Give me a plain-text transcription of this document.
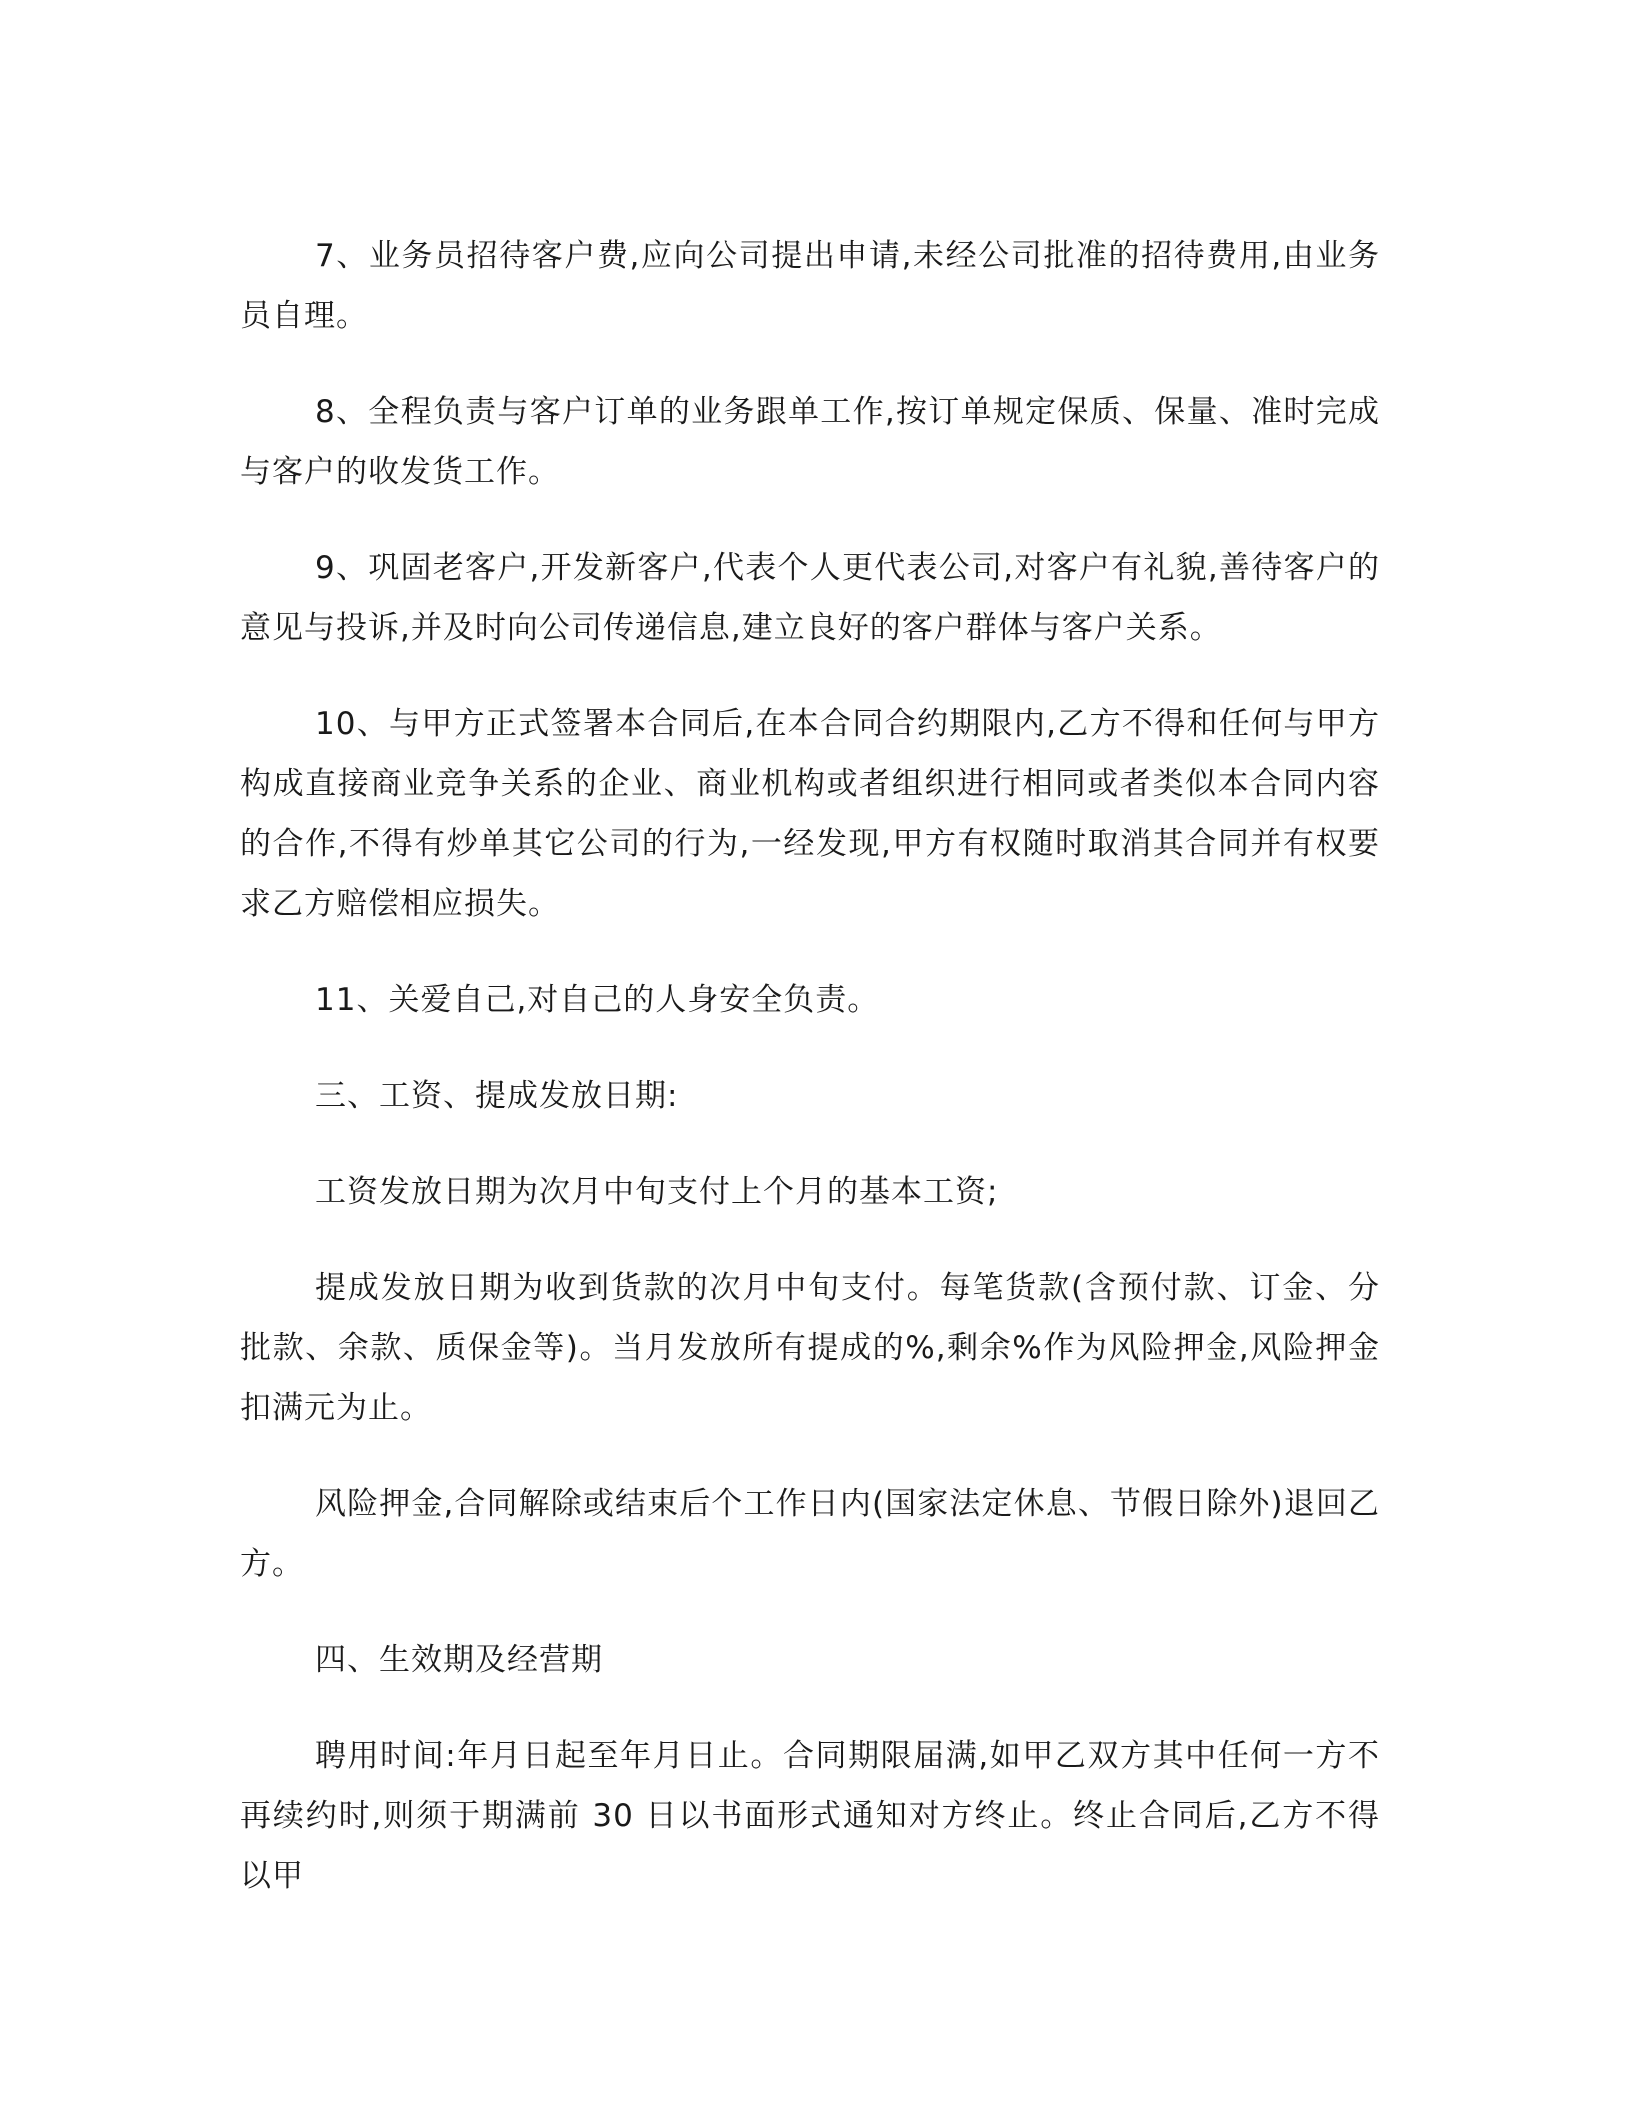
7、业务员招待客户费,应向公司提出申请,未经公司批准的招待费用,由业务员自理。

8、全程负责与客户订单的业务跟单工作,按订单规定保质、保量、准时完成与客户的收发货工作。

9、巩固老客户,开发新客户,代表个人更代表公司,对客户有礼貌,善待客户的意见与投诉,并及时向公司传递信息,建立良好的客户群体与客户关系。

10、与甲方正式签署本合同后,在本合同合约期限内,乙方不得和任何与甲方构成直接商业竞争关系的企业、商业机构或者组织进行相同或者类似本合同内容的合作,不得有炒单其它公司的行为,一经发现,甲方有权随时取消其合同并有权要求乙方赔偿相应损失。

11、关爱自己,对自己的人身安全负责。

三、工资、提成发放日期:

工资发放日期为次月中旬支付上个月的基本工资;

提成发放日期为收到货款的次月中旬支付。每笔货款(含预付款、订金、分批款、余款、质保金等)。当月发放所有提成的%,剩余%作为风险押金,风险押金扣满元为止。

风险押金,合同解除或结束后个工作日内(国家法定休息、节假日除外)退回乙方。

四、生效期及经营期

聘用时间:年月日起至年月日止。合同期限届满,如甲乙双方其中任何一方不再续约时,则须于期满前 30 日以书面形式通知对方终止。终止合同后,乙方不得以甲
